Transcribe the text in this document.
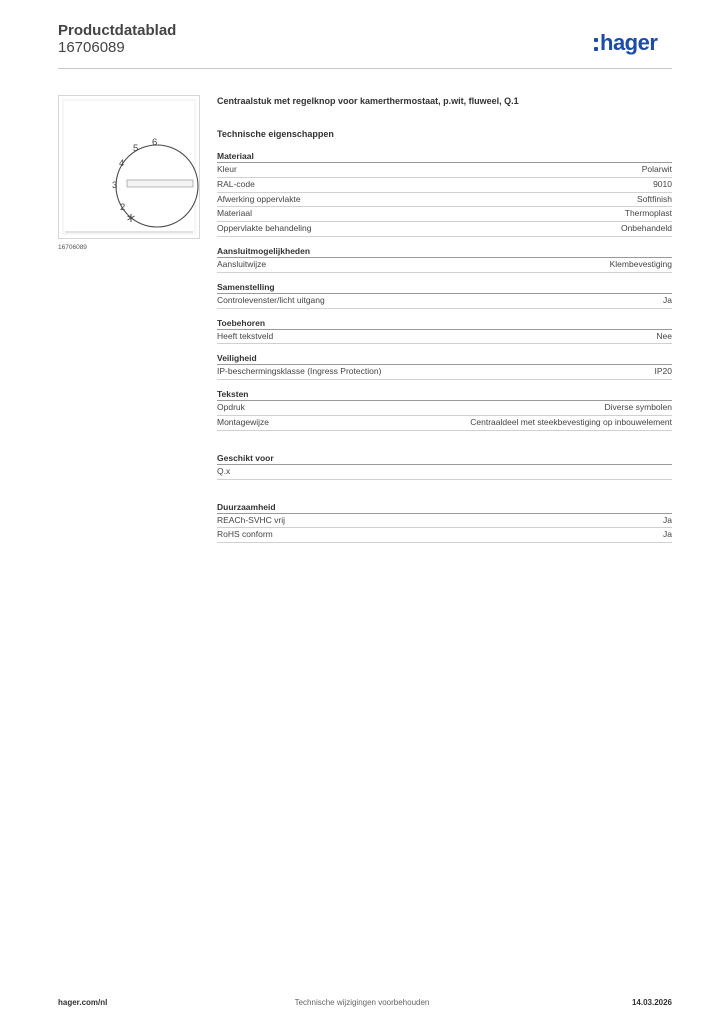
Productdatablad
16706089	hager
2
3
4
5
6
16706089
Centraalstuk met regelknop voor kamerthermostaat, p.wit, fluweel, Q.1
Technische eigenschappen
Materiaal
Kleur	Polarwit
RAL-code	9010
Afwerking oppervlakte	Softfinish
Materiaal	Thermoplast
Oppervlakte behandeling	Onbehandeld
Aansluitmogelijkheden
Aansluitwijze	Klembevestiging
Samenstelling
Controlevenster/licht uitgang	Ja
Toebehoren
Heeft tekstveld	Nee
Veiligheid
IP-beschermingsklasse (Ingress Protection)	IP20
Teksten
Opdruk	Diverse symbolen
Montagewijze	Centraaldeel met steekbevestiging op inbouwelement
Geschikt voor
Q.x
Duurzaamheid
REACh-SVHC vrij	Ja
RoHS conform	Ja
hager.com/nl	Technische wijzigingen voorbehouden	14.03.2026
